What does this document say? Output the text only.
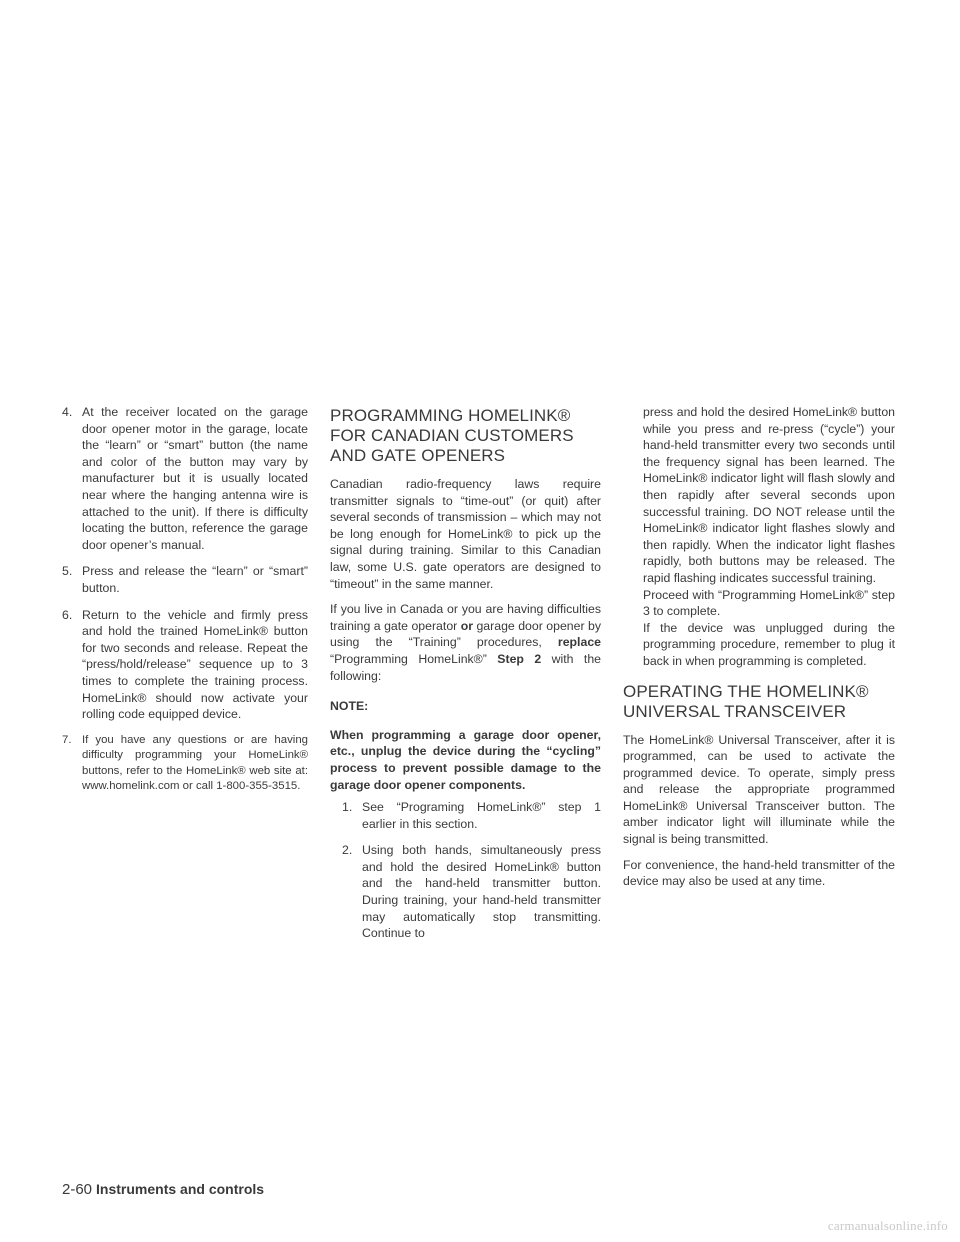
4. At the receiver located on the garage door opener motor in the garage, locate the “learn” or “smart” button (the name and color of the button may vary by manufacturer but it is usually located near where the hanging antenna wire is attached to the unit). If there is difficulty locating the button, reference the garage door opener’s manual.
5. Press and release the “learn” or “smart” button.
6. Return to the vehicle and firmly press and hold the trained HomeLink® button for two seconds and release. Repeat the “press/hold/release” sequence up to 3 times to complete the training process. HomeLink® should now activate your rolling code equipped device.
7. If you have any questions or are having difficulty programming your HomeLink® buttons, refer to the HomeLink® web site at: www.homelink.com or call 1-800-355-3515.
PROGRAMMING HOMELINK® FOR CANADIAN CUSTOMERS AND GATE OPENERS

Canadian radio-frequency laws require transmitter signals to “time-out” (or quit) after several seconds of transmission – which may not be long enough for HomeLink® to pick up the signal during training. Similar to this Canadian law, some U.S. gate operators are designed to “timeout” in the same manner.

If you live in Canada or you are having difficulties training a gate operator or garage door opener by using the “Training” procedures, replace “Programming HomeLink®” Step 2 with the following:

NOTE:
When programming a garage door opener, etc., unplug the device during the “cycling” process to prevent possible damage to the garage door opener components.
1. See “Programing HomeLink®” step 1 earlier in this section.
2. Using both hands, simultaneously press and hold the desired HomeLink® button and the hand-held transmitter button. During training, your hand-held transmitter may automatically stop transmitting. Continue to
press and hold the desired HomeLink® button while you press and re-press (“cycle”) your hand-held transmitter every two seconds until the frequency signal has been learned. The HomeLink® indicator light will flash slowly and then rapidly after several seconds upon successful training. DO NOT release until the HomeLink® indicator light flashes slowly and then rapidly. When the indicator light flashes rapidly, both buttons may be released. The rapid flashing indicates successful training.
Proceed with “Programming HomeLink®” step 3 to complete.
If the device was unplugged during the programming procedure, remember to plug it back in when programming is completed.
OPERATING THE HOMELINK® UNIVERSAL TRANSCEIVER

The HomeLink® Universal Transceiver, after it is programmed, can be used to activate the programmed device. To operate, simply press and release the appropriate programmed HomeLink® Universal Transceiver button. The amber indicator light will illuminate while the signal is being transmitted.

For convenience, the hand-held transmitter of the device may also be used at any time.

2-60 Instruments and controls
carmanualsonline.info
